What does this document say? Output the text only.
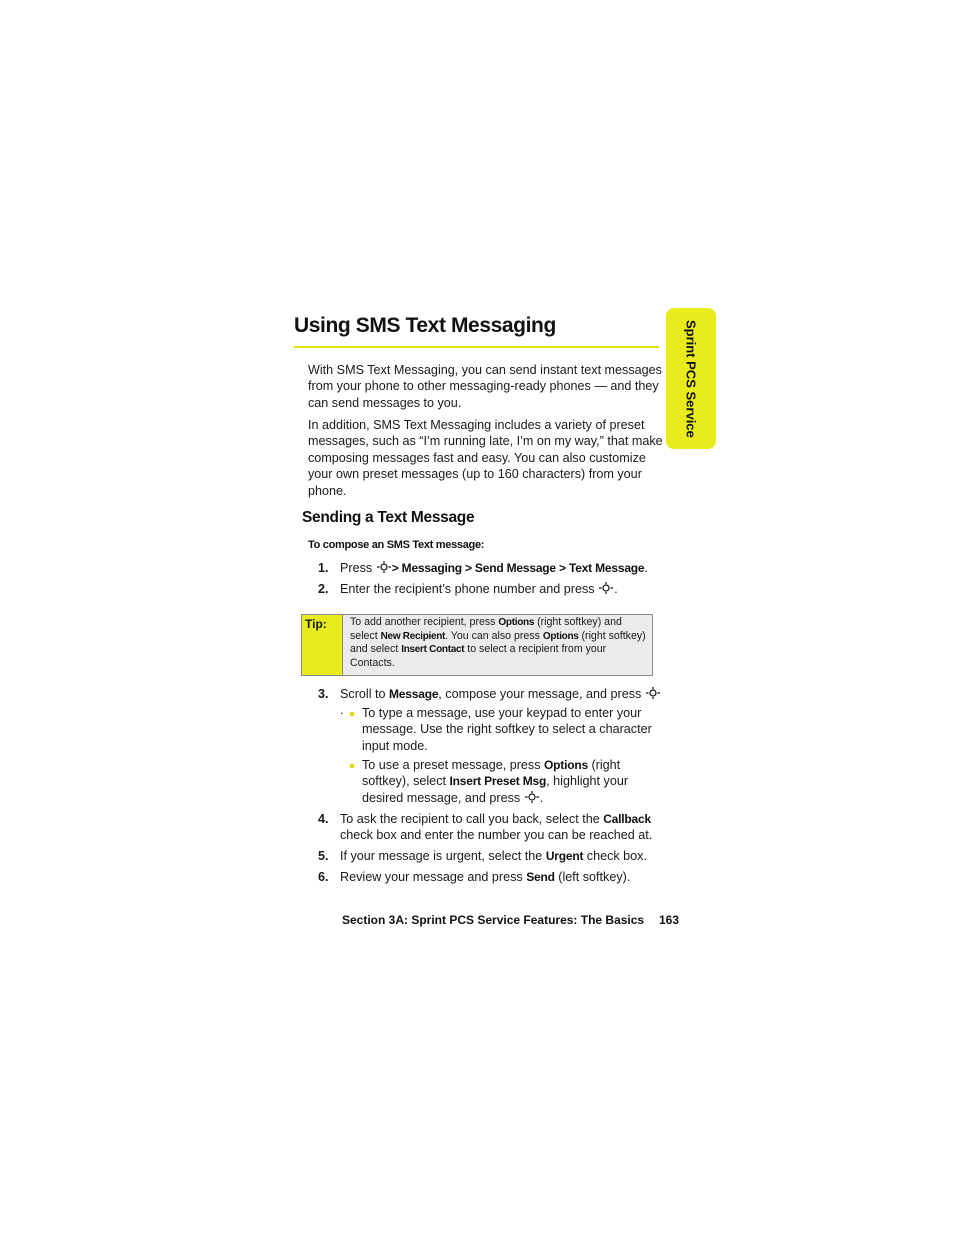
Using SMS Text Messaging	Sprint PCS Service
With SMS Text Messaging, you can send instant text messages from your phone to other messaging-ready phones — and they can send messages to you.
In addition, SMS Text Messaging includes a variety of preset messages, such as “I’m running late, I’m on my way,” that make composing messages fast and easy. You can also customize your own preset messages (up to 160 characters) from your phone.
Sending a Text Message
To compose an SMS Text message:
1. Press > Messaging > Send Message > Text Message.
2. Enter the recipient’s phone number and press .
Tip:	To add another recipient, press Options (right softkey) and select New Recipient. You can also press Options (right softkey) and select Insert Contact to select a recipient from your Contacts.
3. Scroll to Message, compose your message, and press .	To type a message, use your keypad to enter your message. Use the right softkey to select a character input mode.
To use a preset message, press Options (right softkey), select Insert Preset Msg, highlight your desired message, and press .
4. To ask the recipient to call you back, select the Callback check box and enter the number you can be reached at.
5. If your message is urgent, select the Urgent check box.
6. Review your message and press Send (left softkey).
Section 3A: Sprint PCS Service Features: The Basics 163
